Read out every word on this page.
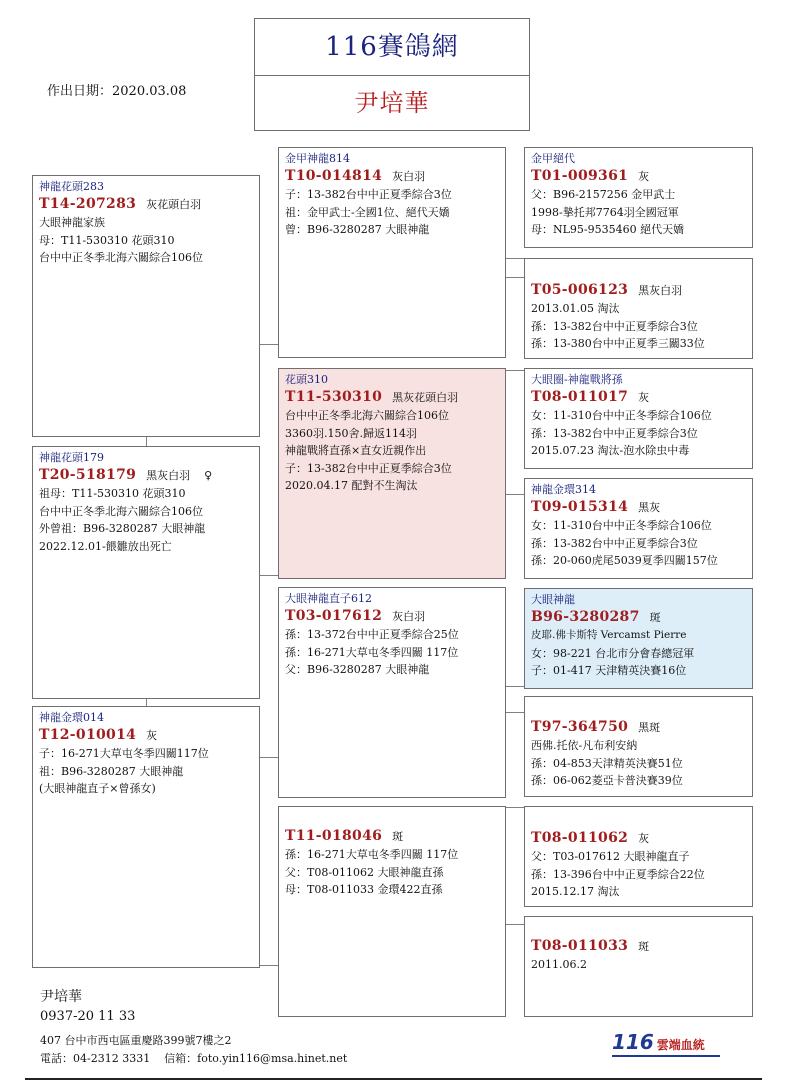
116賽鴿網
尹培華
作出日期：2020.03.08
神龍花頭283
T14-207283 灰花頭白羽
大眼神龍家族
母：T11-530310 花頭310
台中中正冬季北海六關綜合106位
神龍花頭179
T20-518179 黑灰白羽 ♀
祖母：T11-530310 花頭310
台中中正冬季北海六關綜合106位
外曾祖：B96-3280287 大眼神龍
2022.12.01-餵雛放出死亡
神龍金環014
T12-010014 灰
子：16-271大草屯冬季四關117位
祖：B96-3280287 大眼神龍
(大眼神龍直子×曾孫女)
金甲神龍814
T10-014814 灰白羽
子：13-382台中中正夏季綜合3位
祖：金甲武士-全國1位、絕代天嬌
曾：B96-3280287 大眼神龍
花頭310
T11-530310 黑灰花頭白羽
台中中正冬季北海六關綜合106位
3360羽.150舍.歸返114羽
神龍戰將直孫×直女近親作出
子：13-382台中中正夏季綜合3位
2020.04.17 配對不生淘汰
大眼神龍直子612
T03-017612 灰白羽
孫：13-372台中中正夏季綜合25位
孫：16-271大草屯冬季四關 117位
父：B96-3280287 大眼神龍
T11-018046 斑
孫：16-271大草屯冬季四關 117位
父：T08-011062 大眼神龍直孫
母：T08-011033 金環422直孫
金甲絕代
T01-009361 灰
父：B96-2157256 金甲武士
1998-摯托邦7764羽全國冠軍
母：NL95-9535460 絕代天嬌
T05-006123 黑灰白羽
2013.01.05 淘汰
孫：13-382台中中正夏季綜合3位
孫：13-380台中中正夏季三關33位
大眼圈-神龍戰將孫
T08-011017 灰
女：11-310台中中正冬季綜合106位
孫：13-382台中中正夏季綜合3位
2015.07.23 淘汰-泡水除虫中毒
神龍金環314
T09-015314 黑灰
女：11-310台中中正冬季綜合106位
孫：13-382台中中正夏季綜合3位
孫：20-060虎尾5039夏季四關157位
大眼神龍
B96-3280287 斑
皮耶.佛卡斯特 Vercamst Pierre
女：98-221 台北市分會春總冠軍
子：01-417 天津精英決賽16位
T97-364750 黑斑
西佛.托依-凡布利安納
孫：04-853天津精英決賽51位
孫：06-062菱亞卡普決賽39位
T08-011062 灰
父：T03-017612 大眼神龍直子
孫：13-396台中中正夏季綜合22位
2015.12.17 淘汰
T08-011033 斑
2011.06.2
尹培華
0937-20 11 33
407 台中市西屯區重慶路399號7樓之2
電話：04-2312 3331    信箱：foto.yin116@msa.hinet.net
116 雲端血統
